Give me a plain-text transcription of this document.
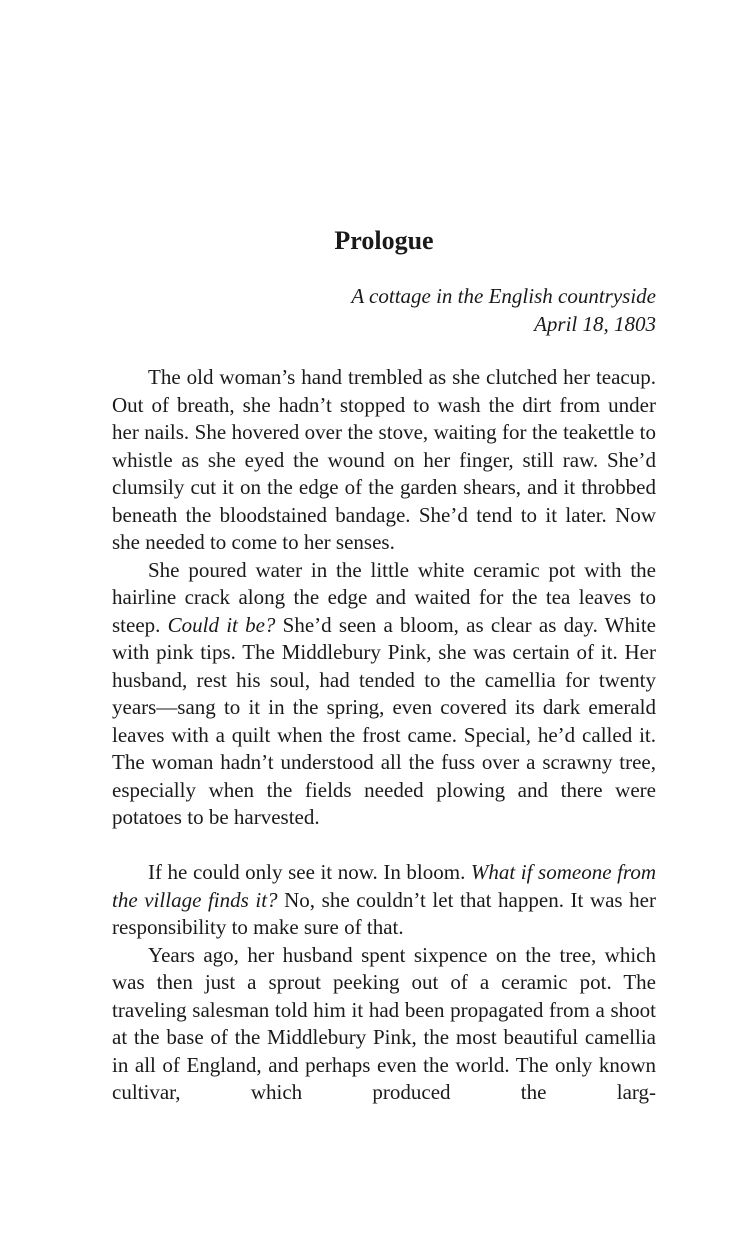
Prologue
A cottage in the English countryside
April 18, 1803

The old woman’s hand trembled as she clutched her teacup. Out of breath, she hadn’t stopped to wash the dirt from under her nails. She hovered over the stove, waiting for the teakettle to whistle as she eyed the wound on her finger, still raw. She’d clumsily cut it on the edge of the garden shears, and it throbbed beneath the bloodstained bandage. She’d tend to it later. Now she needed to come to her senses.

She poured water in the little white ceramic pot with the hairline crack along the edge and waited for the tea leaves to steep. Could it be? She’d seen a bloom, as clear as day. White with pink tips. The Middlebury Pink, she was certain of it. Her husband, rest his soul, had tended to the camellia for twenty years—sang to it in the spring, even covered its dark emerald leaves with a quilt when the frost came. Special, he’d called it. The woman hadn’t understood all the fuss over a scrawny tree, especially when the fields needed plowing and there were potatoes to be harvested.

If he could only see it now. In bloom. What if someone from the village finds it? No, she couldn’t let that happen. It was her responsibility to make sure of that.

Years ago, her husband spent sixpence on the tree, which was then just a sprout peeking out of a ceramic pot. The traveling salesman told him it had been propagated from a shoot at the base of the Middlebury Pink, the most beautiful camellia in all of England, and perhaps even the world. The only known cultivar, which produced the larg-
